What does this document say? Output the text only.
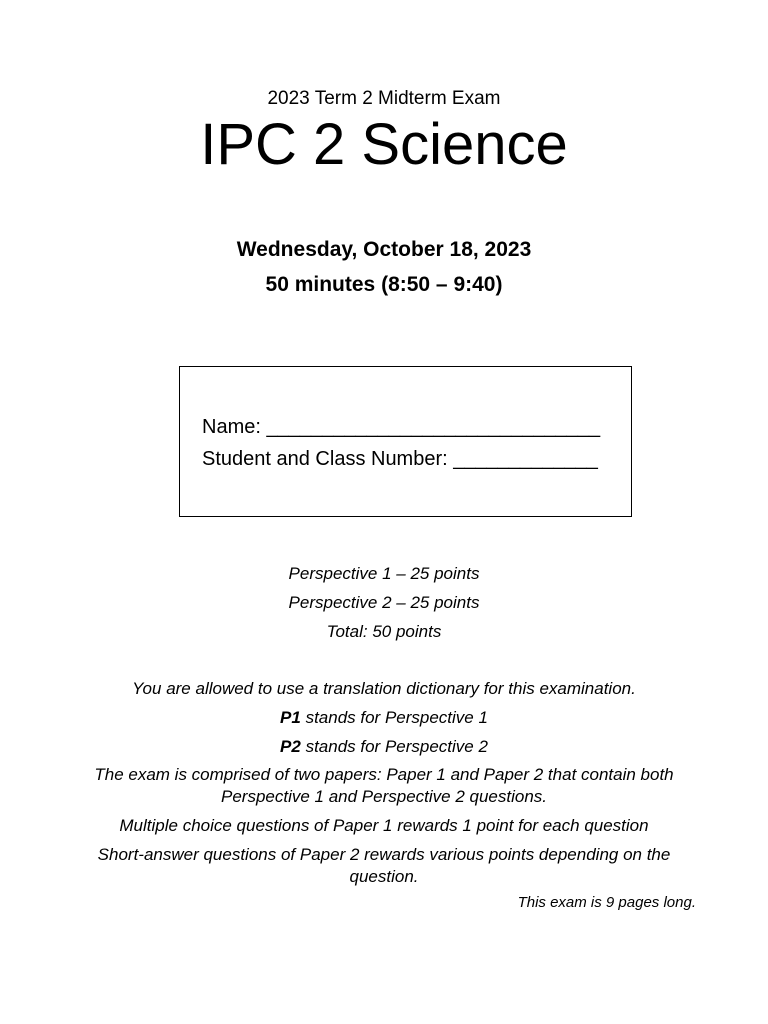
2023 Term 2 Midterm Exam
IPC 2 Science
Wednesday, October 18, 2023
50 minutes (8:50 – 9:40)
Name: ______________________________
Student and Class Number: _____________
Perspective 1 – 25 points
Perspective 2 – 25 points
Total: 50 points
You are allowed to use a translation dictionary for this examination.
P1 stands for Perspective 1
P2 stands for Perspective 2
The exam is comprised of two papers: Paper 1 and Paper 2 that contain both Perspective 1 and Perspective 2 questions.
Multiple choice questions of Paper 1 rewards 1 point for each question
Short-answer questions of Paper 2 rewards various points depending on the question.
This exam is 9 pages long.
